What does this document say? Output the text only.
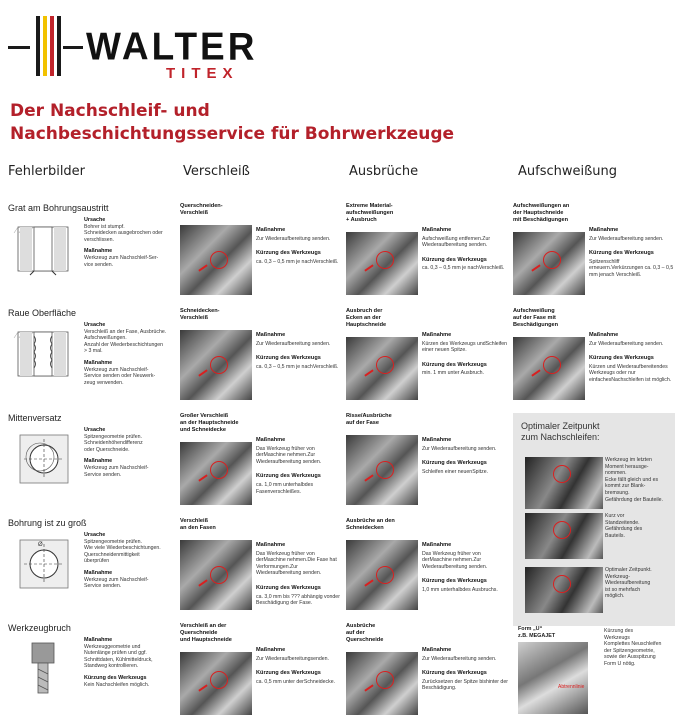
WALTER
TITEX
Der Nachschleif- und
Nachbeschichtungsservice für Bohrwerkzeuge
Fehlerbilder	Verschleiß	Ausbrüche	Aufschweißung
Grat am Bohrungsaustritt
Ursache
Bohrer ist stumpf.
Schneidecken ausgebrochen oder verschlissen.
Maßnahme
Werkzeug zum Nachschleif-Ser-
vice senden.
Querschneiden-
Verschleiß
Maßnahme
Zur Wiederaufbereitung senden.
Kürzung des Werkzeugs
ca. 0,3 – 0,5 mm je nachVerschleiß.
Extreme Material-
aufschweißungen
+ Ausbruch
Maßnahme
Aufschweißung entfernen.Zur Wiederaufbereitung senden.
Kürzung des Werkzeugs
ca. 0,3 – 0,5 mm je nachVerschleiß.
Aufschweißungen an
der Hauptschneide
mit Beschädigungen
Maßnahme
Zur Wiederaufbereitung senden.
Kürzung des Werkzeugs
Spitzenschliff erneuern.Verkürzungen ca. 0,3 – 0,5 mm jenach Verschleiß.
Raue Oberfläche
Ursache
Verschleiß an der Fase, Ausbrüche.
Aufschweißungen.
Anzahl der Wiederbeschichtungen
> 3 mal.
Maßnahme
Werkzeug zum Nachschleif-
Service senden oder Neuwerk-
zeug verwenden.
Schneidecken-
Verschleiß
Maßnahme
Zur Wiederaufbereitung senden.
Kürzung des Werkzeugs
ca. 0,3 – 0,5 mm je nachVerschleiß.
Ausbruch der
Ecken an der
Hauptschneide
Maßnahme
Kürzen des Werkzeugs undSchleifen einer neuen Spitze.
Kürzung des Werkzeugs
min. 1 mm unter Ausbruch.
Aufschweißung
auf der Fase mit
Beschädigungen
Maßnahme
Zur Wiederaufbereitung senden.
Kürzung des Werkzeugs
Kürzen und Wiederaufbereitendes Werkzeugs oder nur einfachesNachschleifen ist möglich.
Mittenversatz
Ursache
Spitzengeometrie prüfen.
Schneidenhöhendifferenz
oder Querschneide.
Maßnahme
Werkzeug zum Nachschleif-
Service senden.
Großer Verschleiß
an der Hauptschneide
und Schneidecke
Maßnahme
Das Werkzeug früher von derMaschine nehmen.Zur Wiederaufbereitung senden.
Kürzung des Werkzeugs
ca. 1,0 mm unterhalbdes Fasenverschleißes.
Risse/Ausbrüche
auf der Fase
Maßnahme
Zur Wiederaufbereitung senden.
Kürzung des Werkzeugs
Schleifen einer neuenSpitze.
Bohrung ist zu groß
Ø
Ursache
Spitzengeometrie prüfen.
Wie viele Wiederbeschichtungen.
Querschneidenmittigkeit
überprüfen
Maßnahme
Werkzeug zum Nachschleif-
Service senden.
Verschleiß
an den Fasen
Maßnahme
Das Werkzeug früher von derMaschine nehmen.Die Fase hat Verformungen.Zur Wiederaufbereitung senden.
Kürzung des Werkzeugs
ca. 3,0 mm bis ??? abhängig vonder Beschädigung der Fase.
Ausbrüche an den
Schneidecken
Maßnahme
Das Werkzeug früher von derMaschine nehmen.Zur Wiederaufbereitung senden.
Kürzung des Werkzeugs
1,0 mm unterhalbdes Ausbruchs.
Werkzeugbruch
Maßnahme
Werkzeuggeometrie und
Nutenlänge prüfen und ggf.
Schnittdaten, Kühlmitteldruck,
Standweg kontrollieren.
Kürzung des Werkzeugs
Kein Nachschleifen möglich.
Verschleiß an der
Querschneide
und Hauptschneide
Maßnahme
Zur Wiederaufbereitungsenden.
Kürzung des Werkzeugs
ca. 0,5 mm unter derSchneidecke.
Ausbrüche
auf der
Querschneide
Maßnahme
Zur Wiederaufbereitung senden.
Kürzung des Werkzeugs
Zurücksetzen der Spitze bishinter der Beschädigung.
Optimaler Zeitpunkt
zum Nachschleifen:
Werkzeug im letzten
Moment herausge-
nommen.
Ecke fällt gleich und es
kommt zur Blank-
bremsung.
Gefährdung der Bauteile.
Kurz vor
Standzeitende.
Gefährdung des
Bauteils.
Optimaler Zeitpunkt.
Werkzeug-
Wiederaufbereitung
ist so mehrfach
möglich.
Form „U“
z.B. MEGAJET
Abtrennlinie
Kürzung des
Werkzeugs
Komplettes Neuschleifen
der Spitzengeometrie,
sowie der Ausspitzung
Form U nötig.
